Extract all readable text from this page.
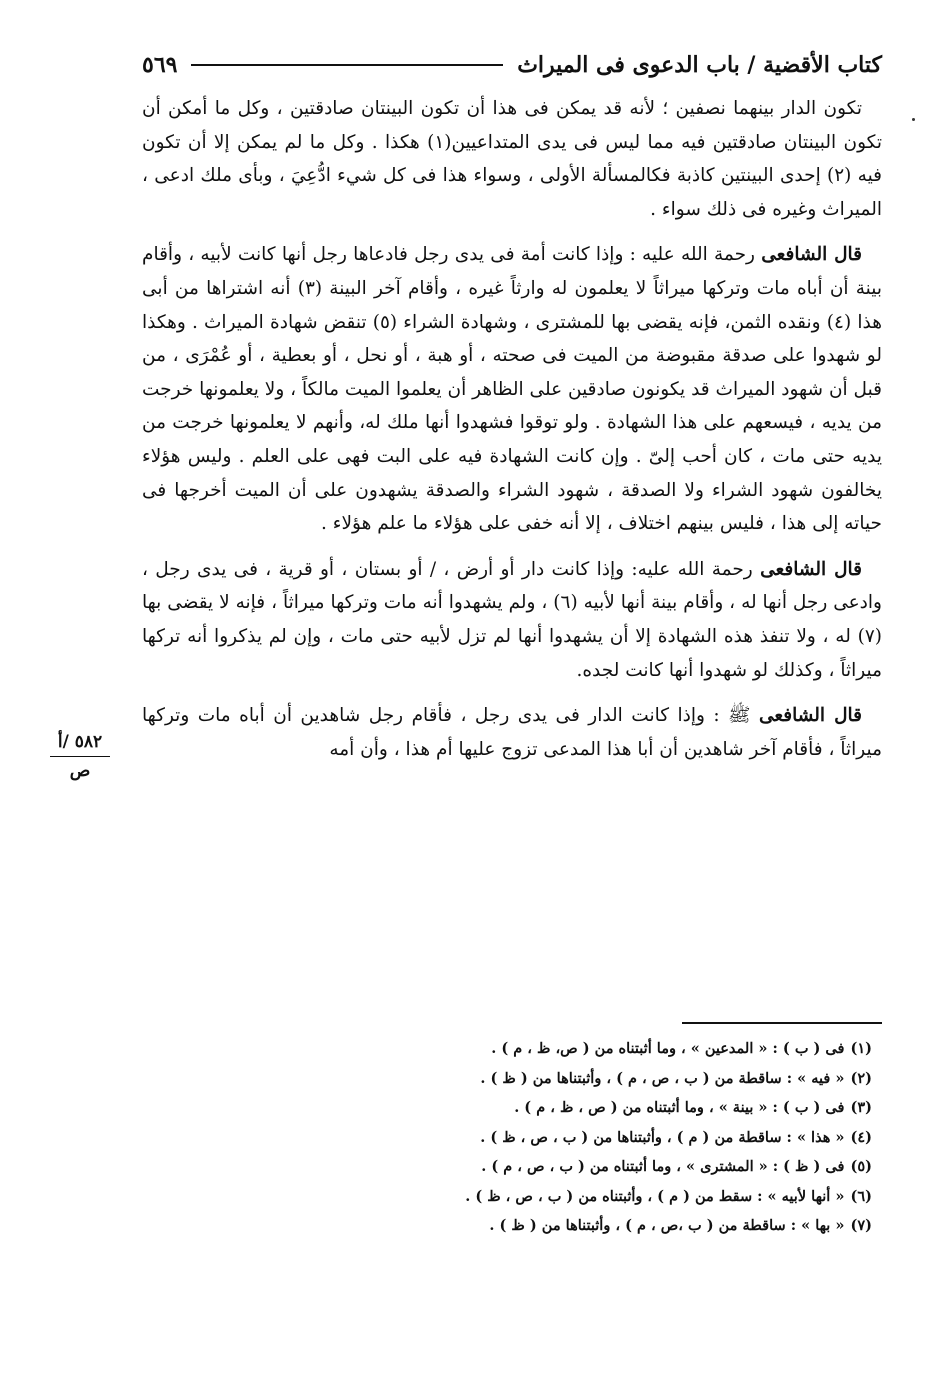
كتاب الأقضية / باب الدعوى فى الميراث
٥٦٩

تكون الدار بينهما نصفين ؛ لأنه قد يمكن فى هذا أن تكون البينتان صادقتين ، وكل ما أمكن أن تكون البينتان صادقتين فيه مما ليس فى يدى المتداعيين(١) هكذا . وكل ما لم يمكن إلا أن تكون فيه (٢) إحدى البينتين كاذبة فكالمسألة الأولى ، وسواء هذا فى كل شيء ادُّعِيَ ، وبأى ملك ادعى ، الميراث وغيره فى ذلك سواء .

قال الشافعى رحمة الله عليه : وإذا كانت أمة فى يدى رجل فادعاها رجل أنها كانت لأبيه ، وأقام بينة أن أباه مات وتركها ميراثاً لا يعلمون له وارثاً غيره ، وأقام آخر البينة (٣) أنه اشتراها من أبى هذا (٤) ونقده الثمن، فإنه يقضى بها للمشترى ، وشهادة الشراء (٥) تنقض شهادة الميراث . وهكذا لو شهدوا على صدقة مقبوضة من الميت فى صحته ، أو هبة ، أو نحل ، أو بعطية ، أو عُمْرَى ، من قبل أن شهود الميراث قد يكونون صادقين على الظاهر أن يعلموا الميت مالكاً ، ولا يعلمونها خرجت من يديه ، فيسعهم على هذا الشهادة . ولو توقوا فشهدوا أنها ملك له، وأنهم لا يعلمونها خرجت من يديه حتى مات ، كان أحب إلىّ . وإن كانت الشهادة فيه على البت فهى على العلم . وليس هؤلاء يخالفون شهود الشراء ولا الصدقة ، شهود الشراء والصدقة يشهدون على أن الميت أخرجها فى حياته إلى هذا ، فليس بينهم اختلاف ، إلا أنه خفى على هؤلاء ما علم هؤلاء .

قال الشافعى رحمة الله عليه: وإذا كانت دار أو أرض ، / أو بستان ، أو قرية ، فى يدى رجل ، وادعى رجل أنها له ، وأقام بينة أنها لأبيه (٦) ، ولم يشهدوا أنه مات وتركها ميراثاً ، فإنه لا يقضى بها (٧) له ، ولا تنفذ هذه الشهادة إلا أن يشهدوا أنها لم تزل لأبيه حتى مات ، وإن لم يذكروا أنه تركها ميراثاً ، وكذلك لو شهدوا أنها كانت لجده.

قال الشافعى ﷺ : وإذا كانت الدار فى يدى رجل ، فأقام رجل شاهدين أن أباه مات وتركها ميراثاً ، فأقام آخر شاهدين أن أبا هذا المدعى تزوج عليها أم هذا ، وأن أمه

٥٨٢ /أ
ص

(١)فى ( ب ) : « المدعين » ، وما أثبتناه من ( ص، ظ ، م ) .

(٢)« فيه » : ساقطة من ( ب ، ص ، م ) ، وأثبتناها من ( ظ ) .

(٣)فى ( ب ) : « بينة » ، وما أثبتناه من ( ص ، ظ ، م ) .

(٤)« هذا » : ساقطة من ( م ) ، وأثبتناها من ( ب ، ص ، ظ ) .

(٥)فى ( ظ ) : « المشترى » ، وما أثبتناه من ( ب ، ص ، م ) .

(٦)« أنها لأبيه » : سقط من ( م ) ، وأثبتناه من ( ب ، ص ، ظ ) .

(٧)« بها » : ساقطة من ( ب ،ص ، م ) ، وأثبتناها من ( ظ ) .
